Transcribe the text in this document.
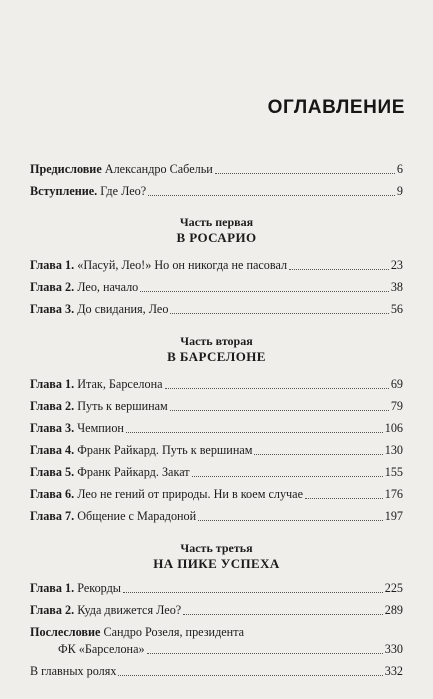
ОГЛАВЛЕНИЕ
Предисловие Александро Сабельи	6
Вступление. Где Лео?	9
Часть первая
В РОСАРИО
Глава 1. «Пасуй, Лео!» Но он никогда не пасовал	23
Глава 2. Лео, начало	38
Глава 3. До свидания, Лео	56
Часть вторая
В БАРСЕЛОНЕ
Глава 1. Итак, Барселона	69
Глава 2. Путь к вершинам	79
Глава 3. Чемпион	106
Глава 4. Франк Райкард. Путь к вершинам	130
Глава 5. Франк Райкард. Закат	155
Глава 6. Лео не гений от природы. Ни в коем случае	176
Глава 7. Общение с Марадоной	197
Часть третья
НА ПИКЕ УСПЕХА
Глава 1. Рекорды	225
Глава 2. Куда движется Лео?	289
Послесловие Сандро Розеля, президента
ФК «Барселона»	330
В главных ролях	332
